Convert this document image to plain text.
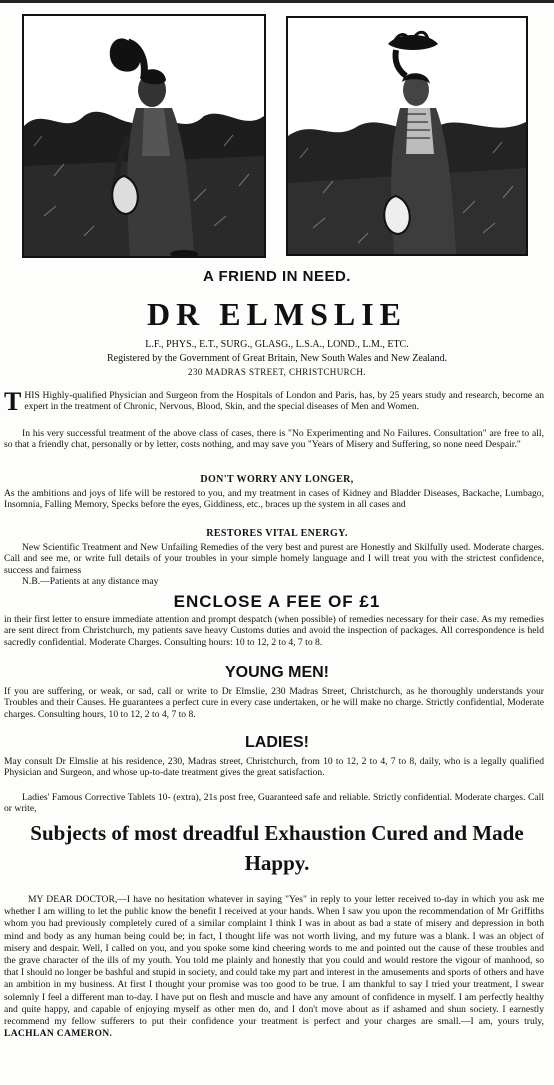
A FRIEND IN NEED.
DR ELMSLIE
L.F., PHYS., E.T., SURG., GLASG., L.S.A., LOND., L.M., ETC.
Registered by the Government of Great Britain, New South Wales and New Zealand.
230 MADRAS STREET, CHRISTCHURCH.
T HIS Highly-qualified Physician and Surgeon from the Hospitals of London and Paris, has, by 25 years study and research, become an expert in the treatment of Chronic, Nervous, Blood, Skin, and the special diseases of Men and Women.
In his very successful treatment of the above class of cases, there is "No Experimenting and No Failures. Consultation" are free to all, so that a friendly chat, personally or by letter, costs nothing, and may save you "Years of Misery and Suffering, so none need Despair."
DON'T WORRY ANY LONGER,
As the ambitions and joys of life will be restored to you, and my treatment in cases of Kidney and Bladder Diseases, Backache, Lumbago, Insomnia, Falling Memory, Specks before the eyes, Giddiness, etc., braces up the system in all cases and
RESTORES VITAL ENERGY.
New Scientific Treatment and New Unfailing Remedies of the very best and purest are Honestly and Skilfully used. Moderate charges. Call and see me, or write full details of your troubles in your simple homely language and I will treat you with the strictest confidence, success and fairness
N.B.—Patients at any distance may
ENCLOSE A FEE OF £1
in their first letter to ensure immediate attention and prompt despatch (when possible) of remedies necessary for their case. As my remedies are sent direct from Christchurch, my patients save heavy Customs duties and avoid the inspection of packages. All correspondence is held sacredly confidential. Moderate Charges. Consulting hours: 10 to 12, 2 to 4, 7 to 8.
YOUNG MEN!
If you are suffering, or weak, or sad, call or write to Dr Elmslie, 230 Madras Street, Christchurch, as he thoroughly understands your Troubles and their Causes. He guarantees a perfect cure in every case undertaken, or he will make no charge. Strictly confidential, Moderate charges. Consulting hours, 10 to 12, 2 to 4, 7 to 8.
LADIES!
May consult Dr Elmslie at his residence, 230, Madras street, Christchurch, from 10 to 12, 2 to 4, 7 to 8, daily, who is a legally qualified Physician and Surgeon, and whose up-to-date treatment gives the great satisfaction.
Ladies' Famous Corrective Tablets 10- (extra), 21s post free, Guaranteed safe and reliable. Strictly confidential. Moderate charges. Call or write,
Subjects of most dreadful Exhaustion Cured and Made Happy.
MY DEAR DOCTOR,—I have no hesitation whatever in saying "Yes" in reply to your letter received to-day in which you ask me whether I am willing to let the public know the benefit I received at your hands. When I saw you upon the recommendation of Mr Griffiths whom you had previously completely cured of a similar complaint I think I was in about as bad a state of misery and depression in both mind and body as any human being could be; in fact, I thought life was not worth living, and my future was a blank. I was an object of misery and despair. Well, I called on you, and you spoke some kind cheering words to me and pointed out the cause of these troubles and the grave character of the ills of my youth. You told me plainly and honestly that you could and would restore the vigour of manhood, so that I should no longer be bashful and stupid in society, and could take my part and interest in the amusements and sports of others and have an ambition in my business. At first I thought your promise was too good to be true. I am thankful to say I tried your treatment, I swear solemnly I feel a different man to-day. I have put on flesh and muscle and have any amount of confidence in myself. I am perfectly healthy and quite happy, and capable of enjoying myself as other men do, and I don't move about as if ashamed and shun society. I earnestly recommend my fellow sufferers to put their confidence your treatment is perfect and your charges are small.—I am, yours truly, LACHLAN CAMERON.
